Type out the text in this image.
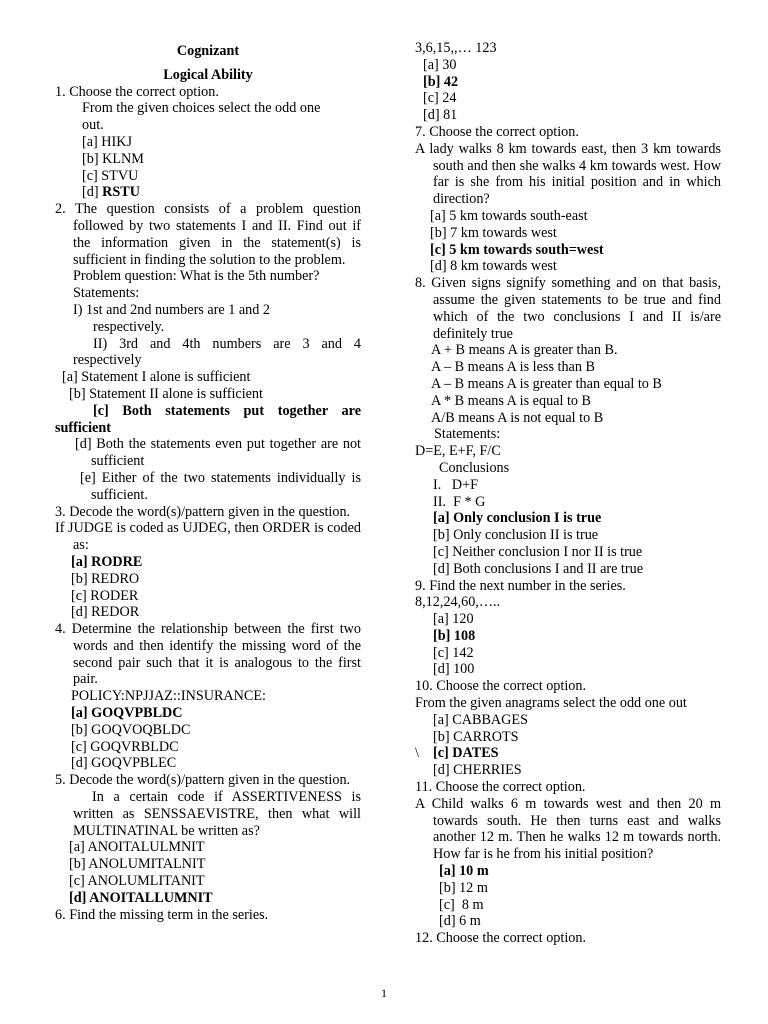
Cognizant
Logical Ability
1. Choose the correct option.
From the given choices select the odd one
out.
[a] HIKJ
[b] KLNM
[c] STVU
[d] RSTU
2. The question consists of a problem question followed by two statements I and II. Find out if the information given in the statement(s) is sufficient in finding the solution to the problem.
Problem question: What is the 5th number?
Statements:
I) 1st and 2nd numbers are 1 and 2
respectively.
II) 3rd and 4th numbers are 3 and 4 respectively
[a] Statement I alone is sufficient
[b] Statement II alone is sufficient
[c] Both statements put together are sufficient
[d] Both the statements even put together are not sufficient
[e] Either of the two statements individually is sufficient.
3. Decode the word(s)/pattern given in the question.
If JUDGE is coded as UJDEG, then ORDER is coded as:
[a] RODRE
[b] REDRO
[c] RODER
[d] REDOR
4. Determine the relationship between the first two words and then identify the missing word of the second pair such that it is analogous to the first pair.
POLICY:NPJJAZ::INSURANCE:
[a] GOQVPBLDC
[b] GOQVOQBLDC
[c] GOQVRBLDC
[d] GOQVPBLEC
5. Decode the word(s)/pattern given in the question.
In a certain code if ASSERTIVENESS is written as SENSSAEVISTRE, then what will MULTINATINAL be written as?
[a] ANOITALULMNIT
[b] ANOLUMITALNIT
[c] ANOLUMLITANIT
[d] ANOITALLUMNIT
6. Find the missing term in the series.
3,6,15,,… 123
[a] 30
[b] 42
[c] 24
[d] 81
7. Choose the correct option.
A lady walks 8 km towards east, then 3 km towards south and then she walks 4 km towards west. How far is she from his initial position and in which direction?
[a] 5 km towards south-east
[b] 7 km towards west
[c] 5 km towards south=west
[d] 8 km towards west
8. Given signs signify something and on that basis, assume the given statements to be true and find which of the two conclusions I and II is/are definitely true
A + B means A is greater than B.
A – B means A is less than B
A – B means A is greater than equal to B
A * B means A is equal to B
A/B means A is not equal to B
Statements:
D=E, E+F, F/C
Conclusions
I.   D+F
II.  F * G
[a] Only conclusion I is true
[b] Only conclusion II is true
[c] Neither conclusion I nor II is true
[d] Both conclusions I and II are true
9. Find the next number in the series.
8,12,24,60,…..
[a] 120
[b] 108
[c] 142
[d] 100
10. Choose the correct option.
From the given anagrams select the odd one out
[a] CABBAGES
[b] CARROTS
\ [c] DATES
[d] CHERRIES
11. Choose the correct option.
A Child walks 6 m towards west and then 20 m towards south. He then turns east and walks another 12 m. Then he walks 12 m towards north. How far is he from his initial position?
[a] 10 m
[b] 12 m
[c]  8 m
[d] 6 m
12. Choose the correct option.
1
